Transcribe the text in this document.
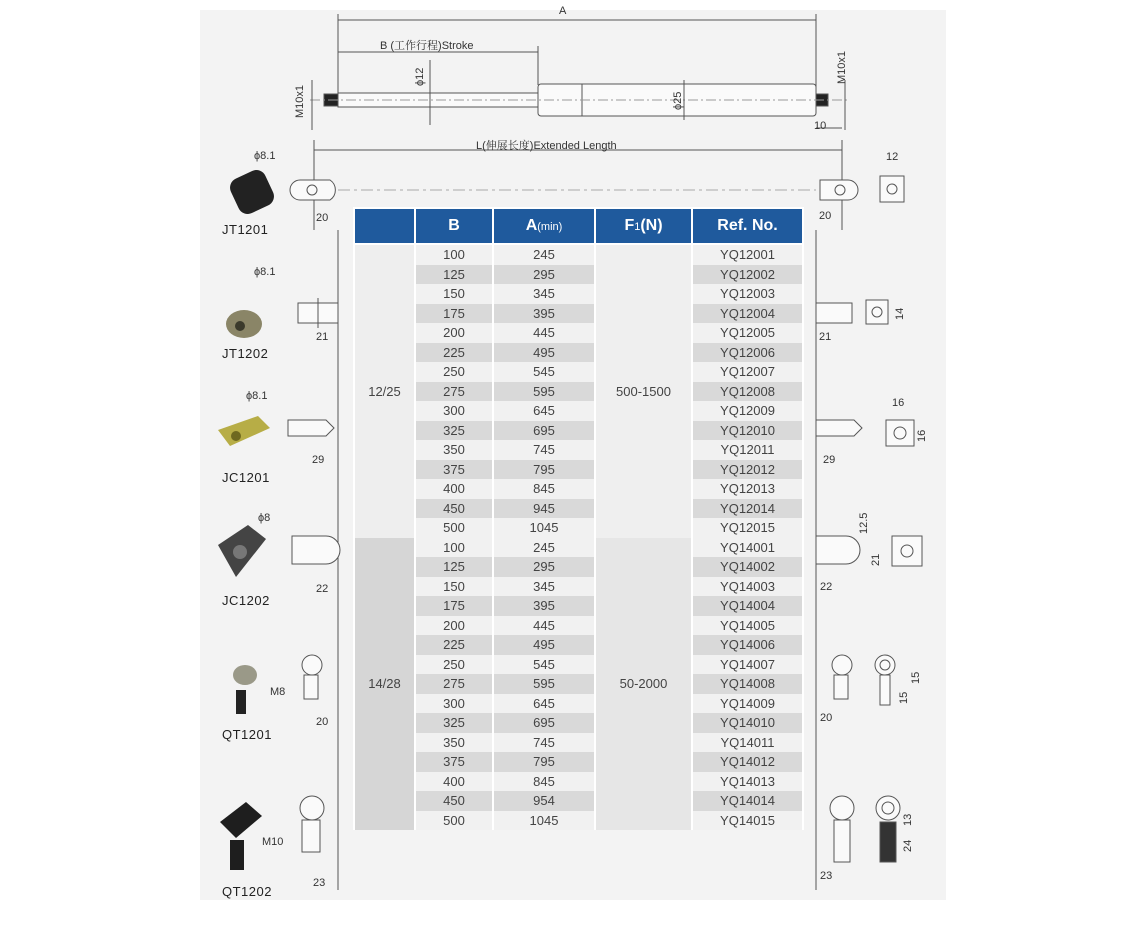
A
B (工作行程)Stroke
L(伸展长度)Extended Length
M10x1
M10x1
ϕ12
ϕ25
10
ϕ8.1
20
JT1201
ϕ8.1
21
JT1202
ϕ8.1
29
JC1201
ϕ8
22
JC1202
M8
20
QT1201
M10
23
QT1202
20
12
21
14
29
16
16
22
12.5
21
20
15
15
23
13
24
	B	A(min)	F1(N)	Ref. No.
12/25	100	245	500-1500	YQ12001
	125	295		YQ12002
	150	345		YQ12003
	175	395		YQ12004
	200	445		YQ12005
	225	495		YQ12006
	250	545		YQ12007
	275	595		YQ12008
	300	645		YQ12009
	325	695		YQ12010
	350	745		YQ12011
	375	795		YQ12012
	400	845		YQ12013
	450	945		YQ12014
	500	1045		YQ12015
14/28	100	245	50-2000	YQ14001
	125	295		YQ14002
	150	345		YQ14003
	175	395		YQ14004
	200	445		YQ14005
	225	495		YQ14006
	250	545		YQ14007
	275	595		YQ14008
	300	645		YQ14009
	325	695		YQ14010
	350	745		YQ14011
	375	795		YQ14012
	400	845		YQ14013
	450	954		YQ14014
	500	1045		YQ14015
